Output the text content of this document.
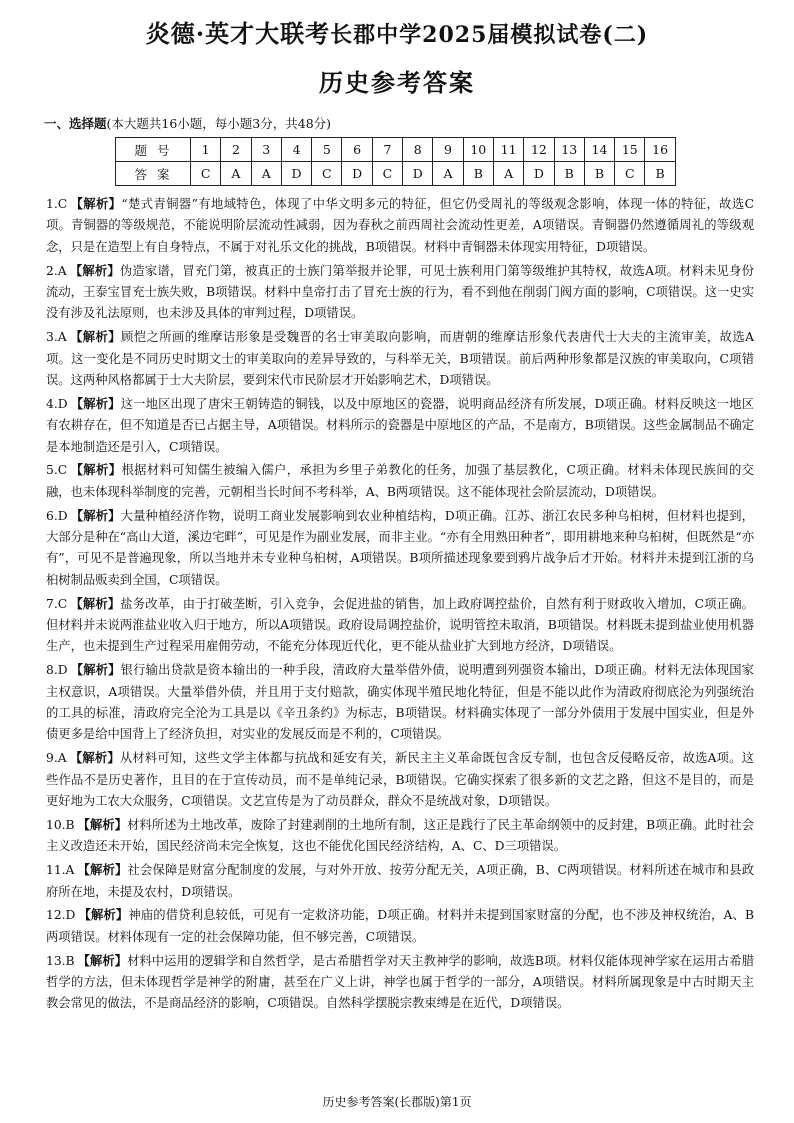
炎德·英才大联考长郡中学2025届模拟试卷(二)
历史参考答案
一、选择题(本大题共16小题，每小题3分，共48分)
题号	1	2	3	4	5	6	7	8	9	10	11	12	13	14	15	16
答案	C	A	A	D	C	D	C	D	A	B	A	D	B	B	C	B
1.C 【解析】“楚式青铜器”有地域特色，体现了中华文明多元的特征，但它仍受周礼的等级观念影响，体现一体的特征，故选C项。青铜器的等级规范，不能说明阶层流动性减弱，因为春秋之前西周社会流动性更差，A项错误。青铜器仍然遵循周礼的等级观念，只是在造型上有自身特点，不属于对礼乐文化的挑战，B项错误。材料中青铜器未体现实用特征，D项错误。
2.A 【解析】伪造家谱，冒充门第，被真正的士族门第举报并论罪，可见士族利用门第等级维护其特权，故选A项。材料未见身份流动，王泰宝冒充士族失败，B项错误。材料中皇帝打击了冒充士族的行为，看不到他在削弱门阀方面的影响，C项错误。这一史实没有涉及礼法原则，也未涉及具体的审判过程，D项错误。
3.A 【解析】顾恺之所画的维摩诘形象是受魏晋的名士审美取向影响，而唐朝的维摩诘形象代表唐代士大夫的主流审美，故选A项。这一变化是不同历史时期文士的审美取向的差异导致的，与科举无关，B项错误。前后两种形象都是汉族的审美取向，C项错误。这两种风格都属于士大夫阶层，要到宋代市民阶层才开始影响艺术，D项错误。
4.D 【解析】这一地区出现了唐宋王朝铸造的铜钱，以及中原地区的瓷器，说明商品经济有所发展，D项正确。材料反映这一地区有农耕存在，但不知道是否已占据主导，A项错误。材料所示的瓷器是中原地区的产品，不是南方，B项错误。这些金属制品不确定是本地制造还是引入，C项错误。
5.C 【解析】根据材料可知儒生被编入儒户，承担为乡里子弟教化的任务，加强了基层教化，C项正确。材料未体现民族间的交融，也未体现科举制度的完善，元朝相当长时间不考科举，A、B两项错误。这不能体现社会阶层流动，D项错误。
6.D 【解析】大量种植经济作物，说明工商业发展影响到农业种植结构，D项正确。江苏、浙江农民多种乌桕树，但材料也提到，大部分是种在“高山大道，溪边宅畔”，可见是作为副业发展，而非主业。“亦有全用熟田种者”，即用耕地来种乌桕树，但既然是“亦有”，可见不是普遍现象，所以当地并未专业种乌桕树，A项错误。B项所描述现象要到鸦片战争后才开始。材料并未提到江浙的乌桕树制品贩卖到全国，C项错误。
7.C 【解析】盐务改革，由于打破垄断，引入竞争，会促进盐的销售，加上政府调控盐价，自然有利于财政收入增加，C项正确。但材料并未说两淮盐业收入归于地方，所以A项错误。政府设局调控盐价，说明管控未取消，B项错误。材料既未提到盐业使用机器生产，也未提到生产过程采用雇佣劳动，不能充分体现近代化，更不能从盐业扩大到地方经济，D项错误。
8.D 【解析】银行输出贷款是资本输出的一种手段，清政府大量举借外债，说明遭到列强资本输出，D项正确。材料无法体现国家主权意识，A项错误。大量举借外债，并且用于支付赔款，确实体现半殖民地化特征，但是不能以此作为清政府彻底沦为列强统治的工具的标准，清政府完全沦为工具是以《辛丑条约》为标志，B项错误。材料确实体现了一部分外债用于发展中国实业，但是外债更多是给中国背上了经济负担，对实业的发展反而是不利的，C项错误。
9.A 【解析】从材料可知，这些文学主体都与抗战和延安有关，新民主主义革命既包含反专制，也包含反侵略反帝，故选A项。这些作品不是历史著作，且目的在于宣传动员，而不是单纯记录，B项错误。它确实探索了很多新的文艺之路，但这不是目的，而是更好地为工农大众服务，C项错误。文艺宣传是为了动员群众，群众不是统战对象，D项错误。
10.B 【解析】材料所述为土地改革，废除了封建剥削的土地所有制，这正是践行了民主革命纲领中的反封建，B项正确。此时社会主义改造还未开始，国民经济尚未完全恢复，这也不能优化国民经济结构，A、C、D三项错误。
11.A 【解析】社会保障是财富分配制度的发展，与对外开放、按劳分配无关，A项正确，B、C两项错误。材料所述在城市和县政府所在地，未提及农村，D项错误。
12.D 【解析】神庙的借贷利息较低，可见有一定救济功能，D项正确。材料并未提到国家财富的分配，也不涉及神权统治，A、B两项错误。材料体现有一定的社会保障功能，但不够完善，C项错误。
13.B 【解析】材料中运用的逻辑学和自然哲学，是古希腊哲学对天主教神学的影响，故选B项。材料仅能体现神学家在运用古希腊哲学的方法，但未体现哲学是神学的附庸，甚至在广义上讲，神学也属于哲学的一部分，A项错误。材料所属现象是中古时期天主教会常见的做法，不是商品经济的影响，C项错误。自然科学摆脱宗教束缚是在近代，D项错误。
历史参考答案(长郡版)第1页
